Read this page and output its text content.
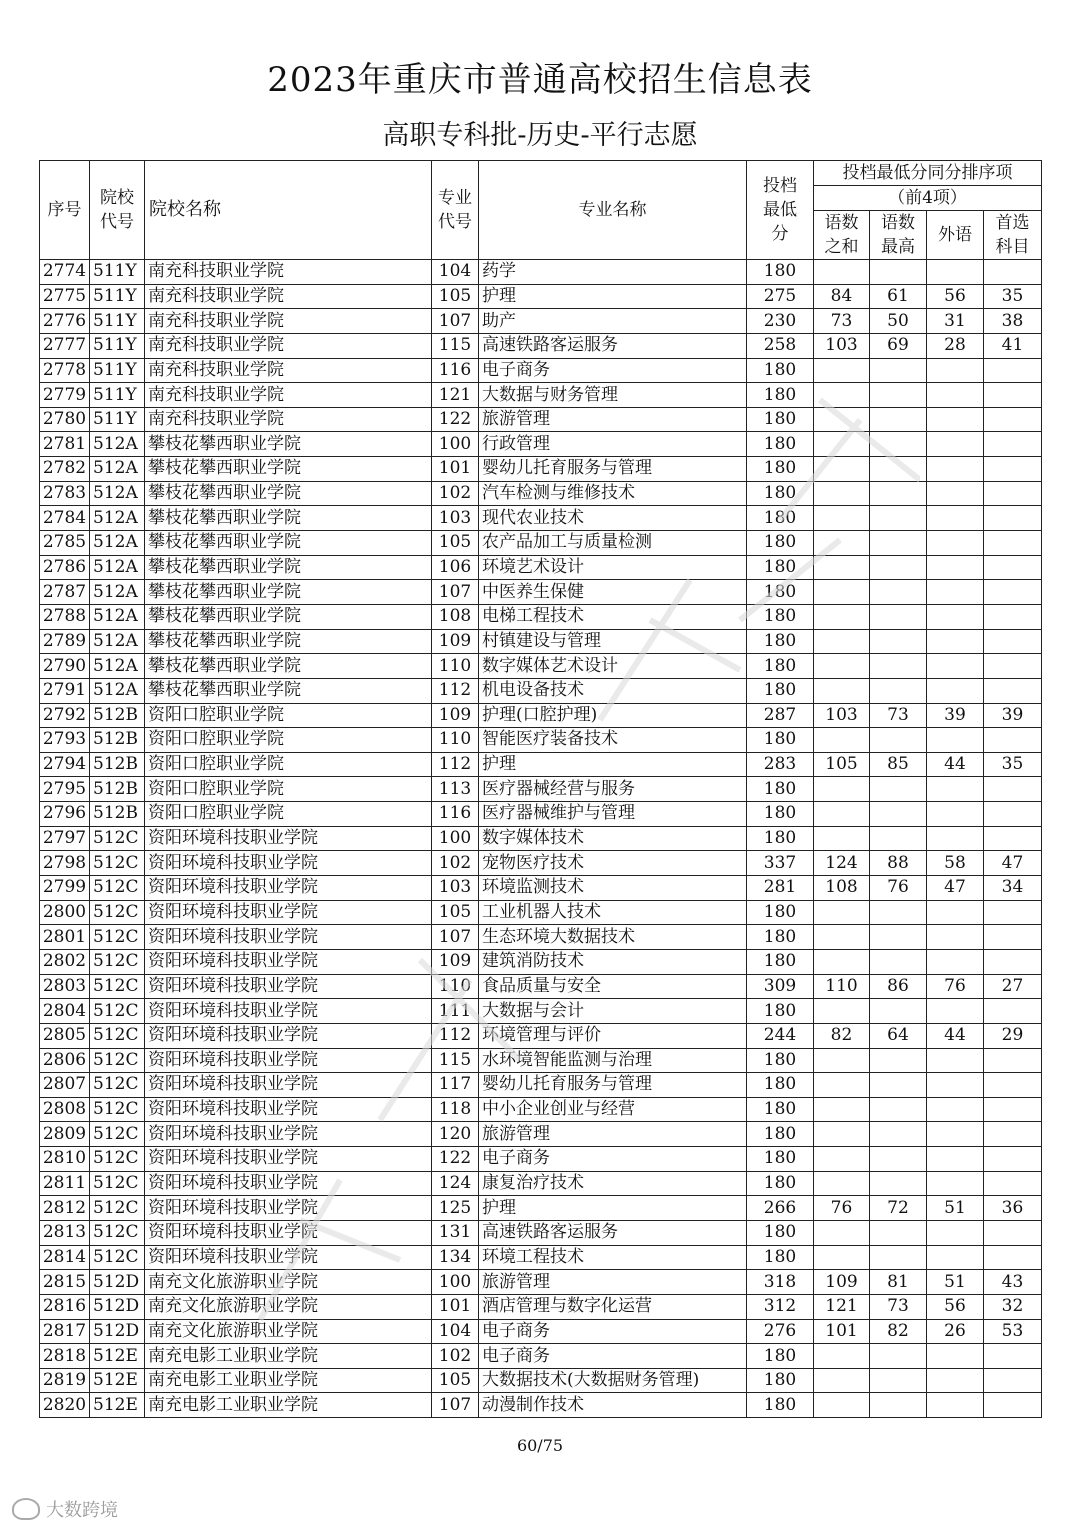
2023年重庆市普通高校招生信息表
高职专科批-历史-平行志愿
序号	院校代号	院校名称	专业代号	专业名称	投档最低分	投档最低分同分排序项			
						（前4项）			
						语数之和	语数最高	外语	首选科目

2774	511Y	南充科技职业学院	104	药学	180				
2775	511Y	南充科技职业学院	105	护理	275	84	61	56	35
2776	511Y	南充科技职业学院	107	助产	230	73	50	31	38
2777	511Y	南充科技职业学院	115	高速铁路客运服务	258	103	69	28	41
2778	511Y	南充科技职业学院	116	电子商务	180				
2779	511Y	南充科技职业学院	121	大数据与财务管理	180				
2780	511Y	南充科技职业学院	122	旅游管理	180				
2781	512A	攀枝花攀西职业学院	100	行政管理	180				
2782	512A	攀枝花攀西职业学院	101	婴幼儿托育服务与管理	180				
2783	512A	攀枝花攀西职业学院	102	汽车检测与维修技术	180				
2784	512A	攀枝花攀西职业学院	103	现代农业技术	180				
2785	512A	攀枝花攀西职业学院	105	农产品加工与质量检测	180				
2786	512A	攀枝花攀西职业学院	106	环境艺术设计	180				
2787	512A	攀枝花攀西职业学院	107	中医养生保健	180				
2788	512A	攀枝花攀西职业学院	108	电梯工程技术	180				
2789	512A	攀枝花攀西职业学院	109	村镇建设与管理	180				
2790	512A	攀枝花攀西职业学院	110	数字媒体艺术设计	180				
2791	512A	攀枝花攀西职业学院	112	机电设备技术	180				
2792	512B	资阳口腔职业学院	109	护理(口腔护理)	287	103	73	39	39
2793	512B	资阳口腔职业学院	110	智能医疗装备技术	180				
2794	512B	资阳口腔职业学院	112	护理	283	105	85	44	35
2795	512B	资阳口腔职业学院	113	医疗器械经营与服务	180				
2796	512B	资阳口腔职业学院	116	医疗器械维护与管理	180				
2797	512C	资阳环境科技职业学院	100	数字媒体技术	180				
2798	512C	资阳环境科技职业学院	102	宠物医疗技术	337	124	88	58	47
2799	512C	资阳环境科技职业学院	103	环境监测技术	281	108	76	47	34
2800	512C	资阳环境科技职业学院	105	工业机器人技术	180				
2801	512C	资阳环境科技职业学院	107	生态环境大数据技术	180				
2802	512C	资阳环境科技职业学院	109	建筑消防技术	180				
2803	512C	资阳环境科技职业学院	110	食品质量与安全	309	110	86	76	27
2804	512C	资阳环境科技职业学院	111	大数据与会计	180				
2805	512C	资阳环境科技职业学院	112	环境管理与评价	244	82	64	44	29
2806	512C	资阳环境科技职业学院	115	水环境智能监测与治理	180				
2807	512C	资阳环境科技职业学院	117	婴幼儿托育服务与管理	180				
2808	512C	资阳环境科技职业学院	118	中小企业创业与经营	180				
2809	512C	资阳环境科技职业学院	120	旅游管理	180				
2810	512C	资阳环境科技职业学院	122	电子商务	180				
2811	512C	资阳环境科技职业学院	124	康复治疗技术	180				
2812	512C	资阳环境科技职业学院	125	护理	266	76	72	51	36
2813	512C	资阳环境科技职业学院	131	高速铁路客运服务	180				
2814	512C	资阳环境科技职业学院	134	环境工程技术	180				
2815	512D	南充文化旅游职业学院	100	旅游管理	318	109	81	51	43
2816	512D	南充文化旅游职业学院	101	酒店管理与数字化运营	312	121	73	56	32
2817	512D	南充文化旅游职业学院	104	电子商务	276	101	82	26	53
2818	512E	南充电影工业职业学院	102	电子商务	180				
2819	512E	南充电影工业职业学院	105	大数据技术(大数据财务管理)	180				
2820	512E	南充电影工业职业学院	107	动漫制作技术	180				
60/75
大数跨境
